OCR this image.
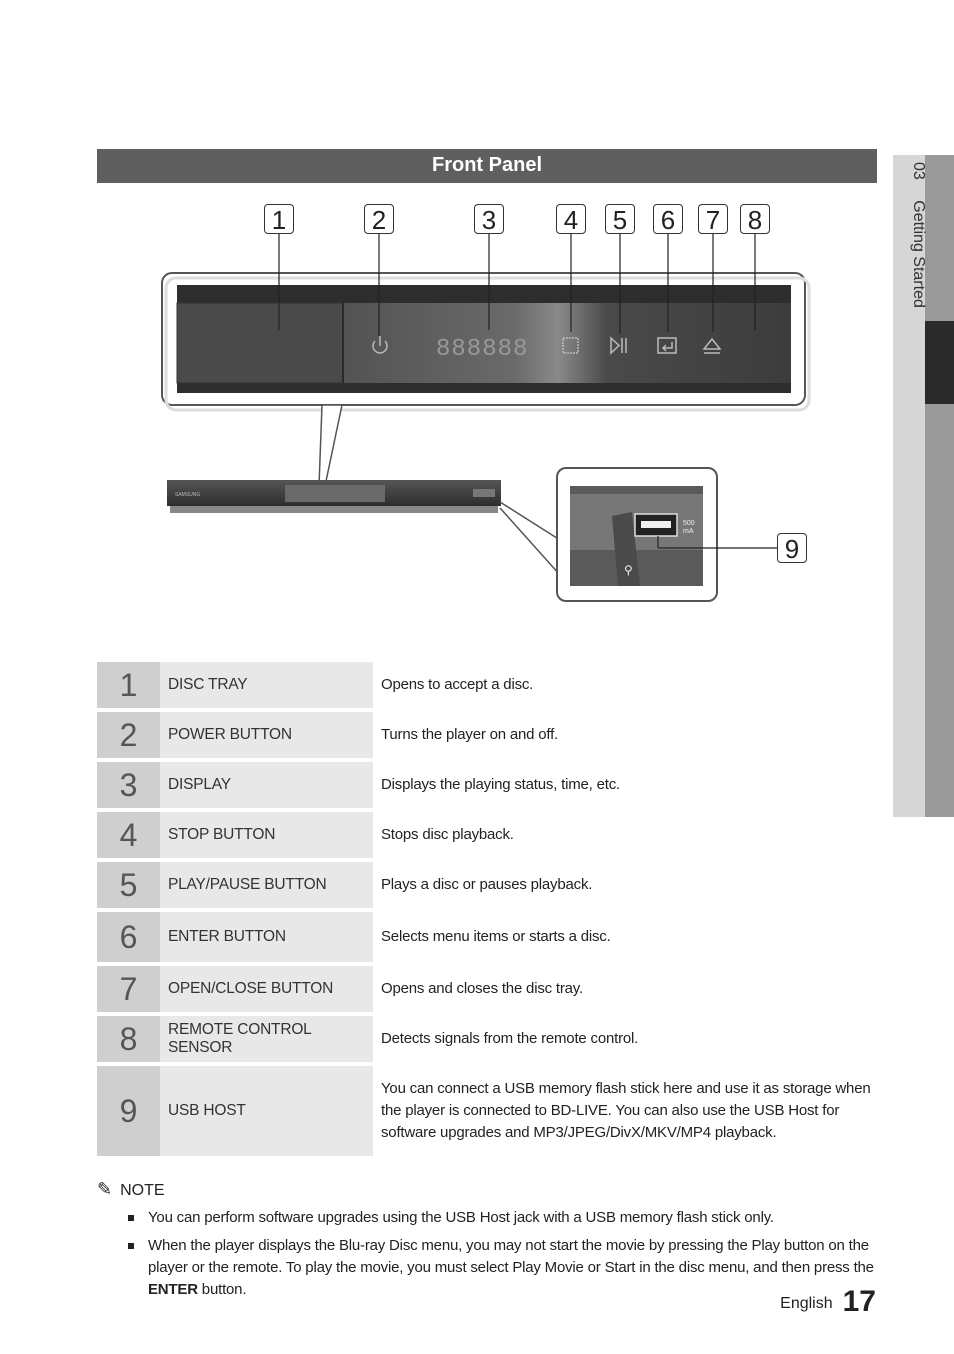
Front Panel	03 Getting Started
888888
SAMSUNG
500
mA
⚲
1	2	3	4 5 6 7 8
9
1	DISC TRAY	Opens to accept a disc.
2	POWER BUTTON	Turns the player on and off.
3	DISPLAY	Displays the playing status, time, etc.
4	STOP BUTTON	Stops disc playback.
5	PLAY/PAUSE BUTTON	Plays a disc or pauses playback.
6	ENTER BUTTON	Selects menu items or starts a disc.
7	OPEN/CLOSE BUTTON	Opens and closes the disc tray.
8	REMOTE CONTROL SENSOR	Detects signals from the remote control.
9	USB HOST	You can connect a USB memory flash stick here and use it as storage when the player is connected to BD-LIVE. You can also use the USB Host for software upgrades and MP3/JPEG/DivX/MKV/MP4 playback.
✎ NOTE
You can perform software upgrades using the USB Host jack with a USB memory flash stick only.
When the player displays the Blu-ray Disc menu, you may not start the movie by pressing the Play button on the player or the remote. To play the movie, you must select Play Movie or Start in the disc menu, and then press the ENTER button.
English 17
